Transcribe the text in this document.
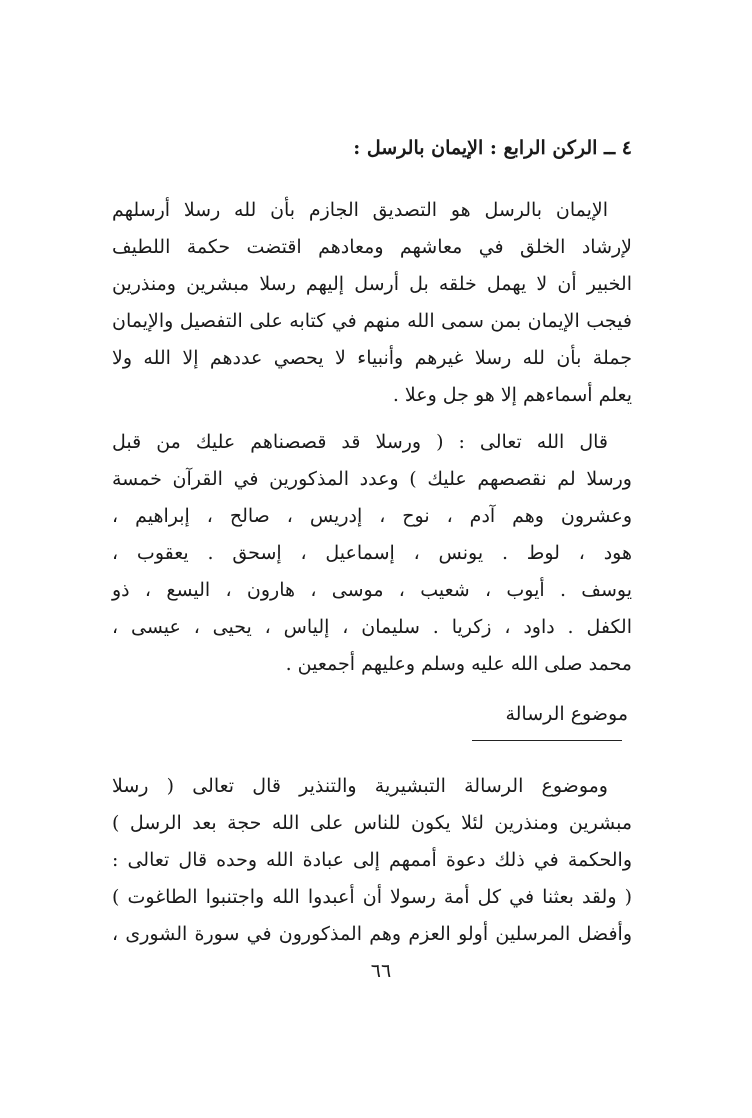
٤ ــ الركن الرابع : الإيمان بالرسل :
الإيمان بالرسل هو التصديق الجازم بأن لله رسلا أرسلهم
لإرشاد الخلق في معاشهم ومعادهم اقتضت حكمة اللطيف
الخبير أن لا يهمل خلقه بل أرسل إليهم رسلا مبشرين ومنذرين
فيجب الإيمان بمن سمى الله منهم في كتابه على التفصيل والإيمان
جملة بأن لله رسلا غيرهم وأنبياء لا يحصي عددهم إلا الله ولا
يعلم أسماءهم إلا هو جل وعلا .
قال الله تعالى : ( ورسلا قد قصصناهم عليك من قبل
ورسلا لم نقصصهم عليك ) وعدد المذكورين في القرآن خمسة
وعشرون وهم آدم ، نوح ، إدريس ، صالح ، إبراهيم ،
هود ، لوط . يونس ، إسماعيل ، إسحق . يعقوب ،
يوسف . أيوب ، شعيب ، موسى ، هارون ، اليسع ، ذو
الكفل . داود ، زكريا . سليمان ، إلياس ، يحيى ، عيسى ،
محمد صلى الله عليه وسلم وعليهم أجمعين .
موضوع الرسالة
وموضوع الرسالة التبشيرية والتنذير قال تعالى ( رسلا
مبشرين ومنذرين لئلا يكون للناس على الله حجة بعد الرسل )
والحكمة في ذلك دعوة أممهم إلى عبادة الله وحده قال تعالى :
( ولقد بعثنا في كل أمة رسولا أن أعبدوا الله واجتنبوا الطاغوت )
وأفضل المرسلين أولو العزم وهم المذكورون في سورة الشورى ،
٦٦
